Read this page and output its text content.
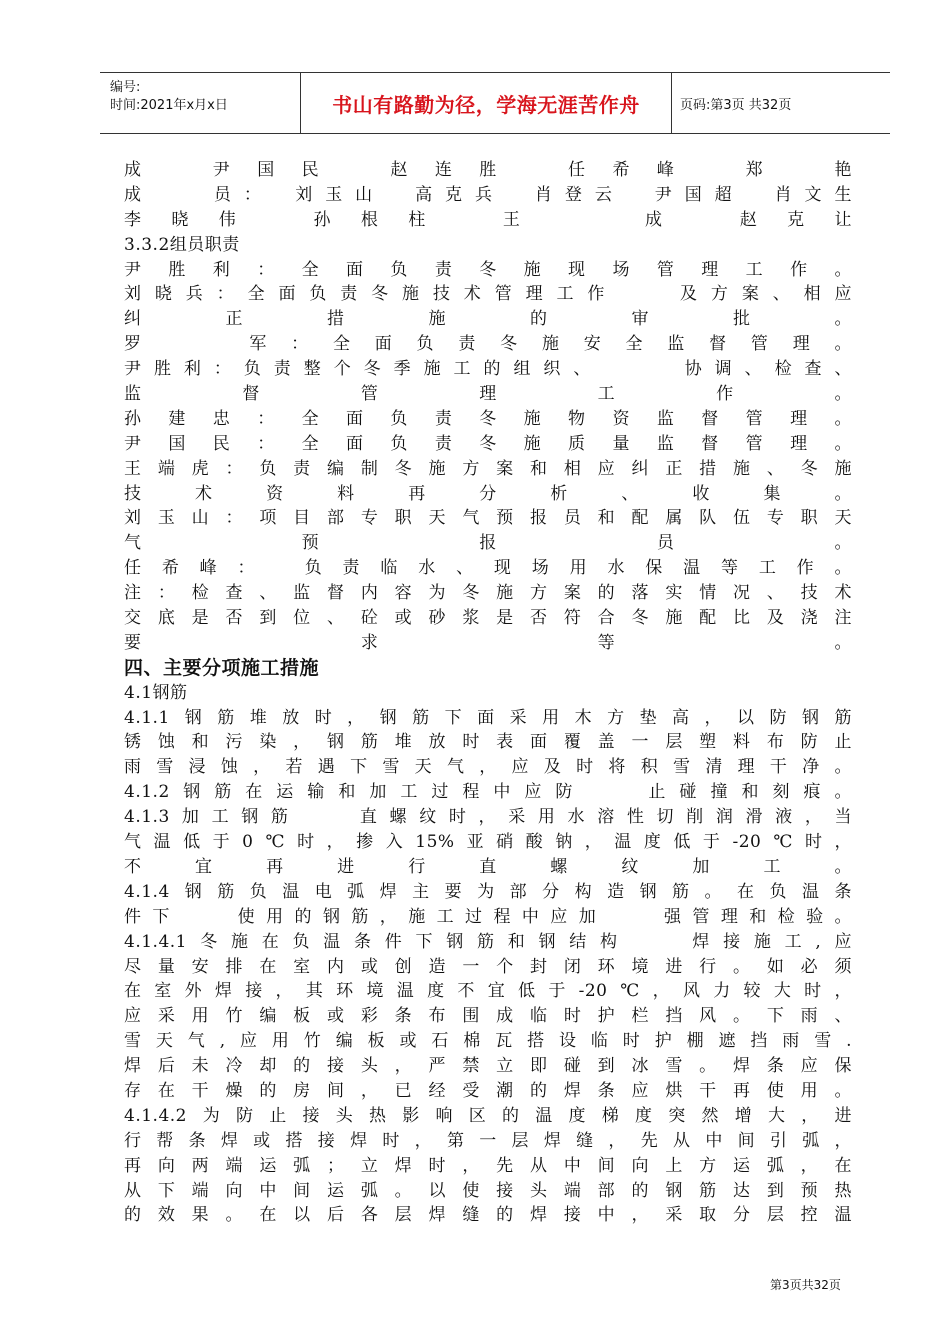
编号:
时间:2021年x月x日	书山有路勤为径，学海无涯苦作舟	页码:第3页 共32页
成　尹国民　赵连胜　任希峰　郑　艳
成　　员：　刘玉山　高克兵　肖登云　尹国超　肖文生
李晓伟　孙根柱　王　　成　赵克让
3.3.2组员职责
尹胜利：全面负责冬施现场管理工作。
刘晓兵：全面负责冬施技术管理工作　　及方案、相应
纠正措施的审批。
罗　　军：全面负责冬施安全监督管理。
尹胜利：负责整个冬季施工的组织、　　　协调、检查、
监督管理工作。
孙建忠：全面负责冬施物资监督管理。
尹国民：全面负责冬施质量监督管理。
王端虎：负责编制冬施方案和相应纠正措施、冬施
技术资料再分析、收集。
刘玉山：项目部专职天气预报员和配属队伍专职天
气预报员。
任希峰：　负责临水、现场用水保温等工作。
注：检查、监督内容为冬施方案的落实情况、技术
交底是否到位、砼或砂浆是否符合冬施配比及浇注
要求等。
四、主要分项施工措施
4.1钢筋
4.1.1钢筋堆放时，钢筋下面采用木方垫高，以防钢筋
锈蚀和污染，钢筋堆放时表面覆盖一层塑料布防止
雨雪浸蚀，若遇下雪天气，应及时将积雪清理干净。
4.1.2钢筋在运输和加工过程中应防　　止碰撞和刻痕。
4.1.3加工钢筋　　直螺纹时，采用水溶性切削润滑液，当
气温低于0℃时，掺入15%亚硝酸钠，温度低于-20℃时，
不宜再进行直螺纹加工。
4.1.4钢筋负温电弧焊主要为部分构造钢筋。在负温条
件下　　使用的钢筋，施工过程中应加　　强管理和检验。
4.1.4.1冬施在负温条件下钢筋和钢结构　　焊接施工,应
尽量安排在室内或创造一个封闭环境进行。如必须
在室外焊接，其环境温度不宜低于-20℃，风力较大时，
应采用竹编板或彩条布围成临时护栏挡风。下雨、
雪天气,应用竹编板或石棉瓦搭设临时护棚遮挡雨雪.
焊后未冷却的接头，严禁立即碰到冰雪。焊条应保
存在干燥的房间，已经受潮的焊条应烘干再使用。
4.1.4.2为防止接头热影响区的温度梯度突然增大，进
行帮条焊或搭接焊时，第一层焊缝，先从中间引弧，
再向两端运弧；立焊时，先从中间向上方运弧，在
从下端向中间运弧。以使接头端部的钢筋达到预热
的效果。在以后各层焊缝的焊接中，采取分层控温
第3页共32页
